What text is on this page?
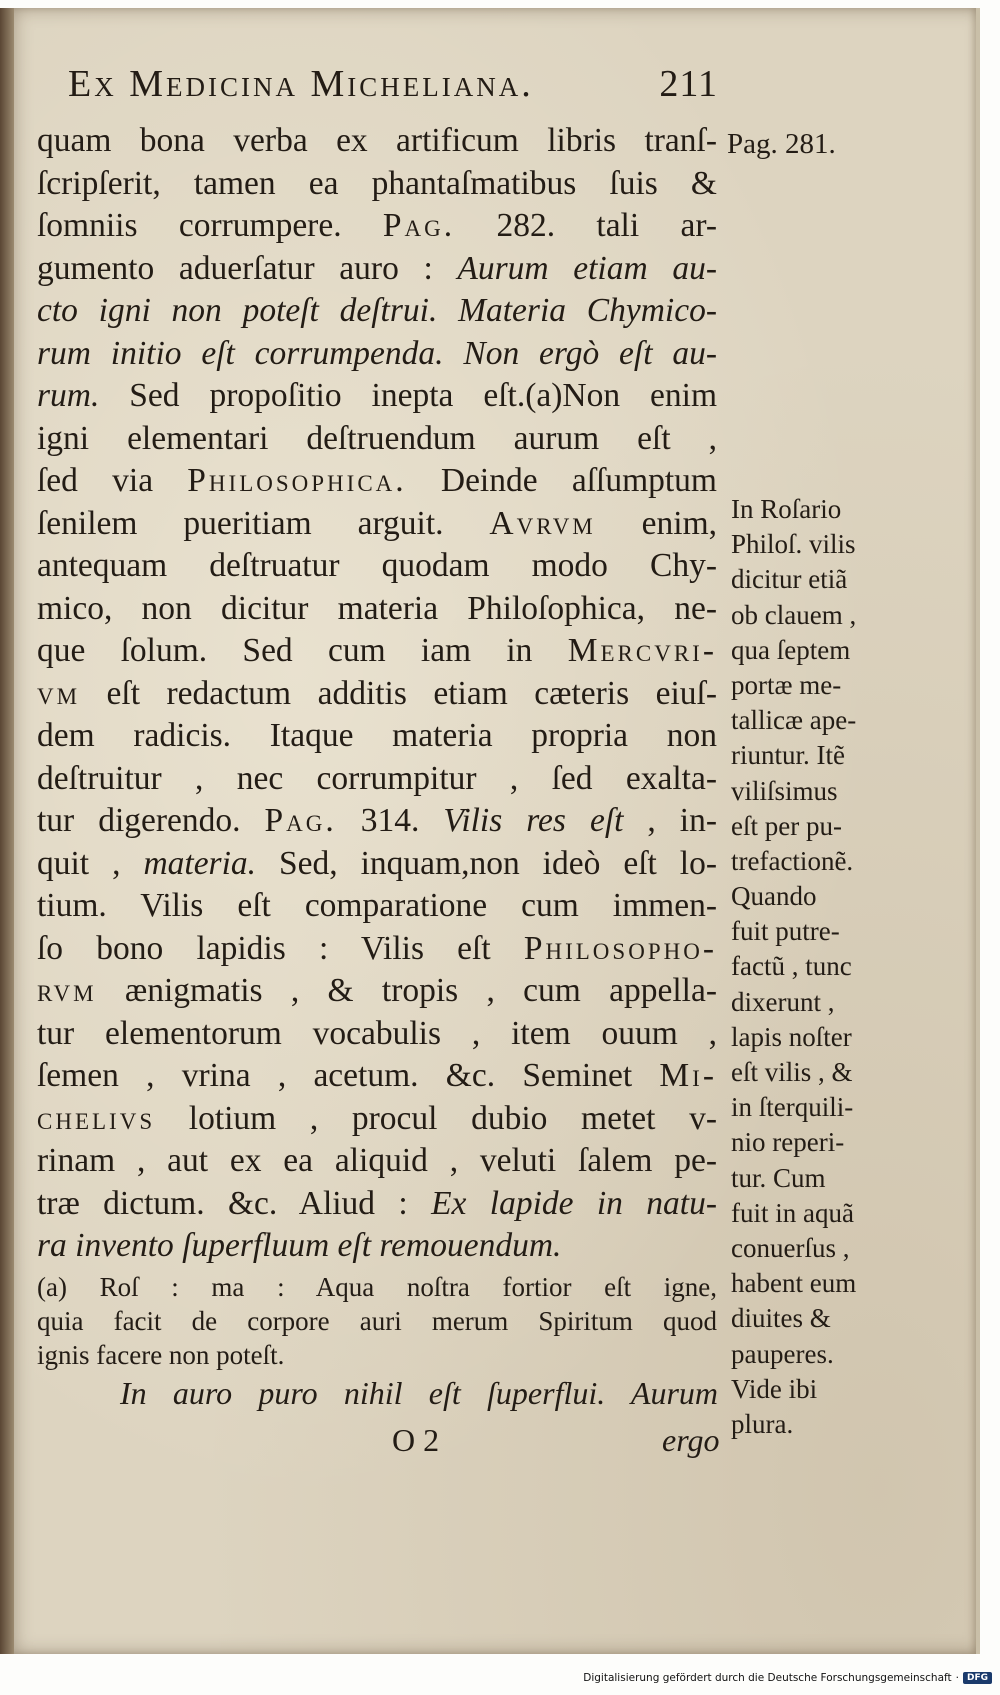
Ex Medicina Micheliana.	211
Pag. 281.
quam bona verba ex artificum libris tranſ-
ſcripſerit, tamen ea phantaſmatibus ſuis &
ſomniis corrumpere. Pag. 282. tali ar-
gumento aduerſatur auro : Aurum etiam au-
cto igni non poteſt deſtrui. Materia Chymico-
rum initio eſt corrumpenda. Non ergò eſt au-
rum. Sed propoſitio inepta eſt.(a)Non enim
igni elementari deſtruendum aurum eſt ,
ſed via Philoſophica. Deinde aſſumptum
ſenilem pueritiam arguit. Avrvm enim,
antequam deſtruatur quodam modo Chy-
mico, non dicitur materia Philoſophica, ne-
que ſolum. Sed cum iam in Mercvri-
vm eſt redactum additis etiam cæteris eiuſ-
dem radicis. Itaque materia propria non
deſtruitur , nec corrumpitur , ſed exalta-
tur digerendo. Pag. 314. Vilis res eſt , in-
quit , materia. Sed, inquam,non ideò eſt lo-
tium. Vilis eſt comparatione cum immen-
ſo bono lapidis : Vilis eſt Philosopho-
rvm ænigmatis , & tropis , cum appella-
tur elementorum vocabulis , item ouum ,
ſemen , vrina , acetum. &c. Seminet Mi-
chelivs lotium , procul dubio metet v-
rinam , aut ex ea aliquid , veluti ſalem pe-
træ dictum. &c. Aliud : Ex lapide in natu-
ra invento ſuperfluum eſt remouendum.
(a) Roſ : ma : Aqua noſtra fortior eſt igne,
quia facit de corpore auri merum Spiritum quod
ignis facere non poteſt.
In auro puro nihil eſt ſuperflui. Aurum
O 2	ergo
In Roſario
Philoſ. vilis
dicitur etiã
ob clauem ,
qua ſeptem
portæ me-
tallicæ ape-
riuntur. Itẽ
viliſsimus
eſt per pu-
trefactionẽ.
Quando
fuit putre-
factũ , tunc
dixerunt ,
lapis noſter
eſt vilis , &
in ſterquili-
nio reperi-
tur. Cum
fuit in aquã
conuerſus ,
habent eum
diuites &
pauperes.
Vide ibi
plura.
Digitalisierung gefördert durch die Deutsche Forschungsgemeinschaft · DFG
